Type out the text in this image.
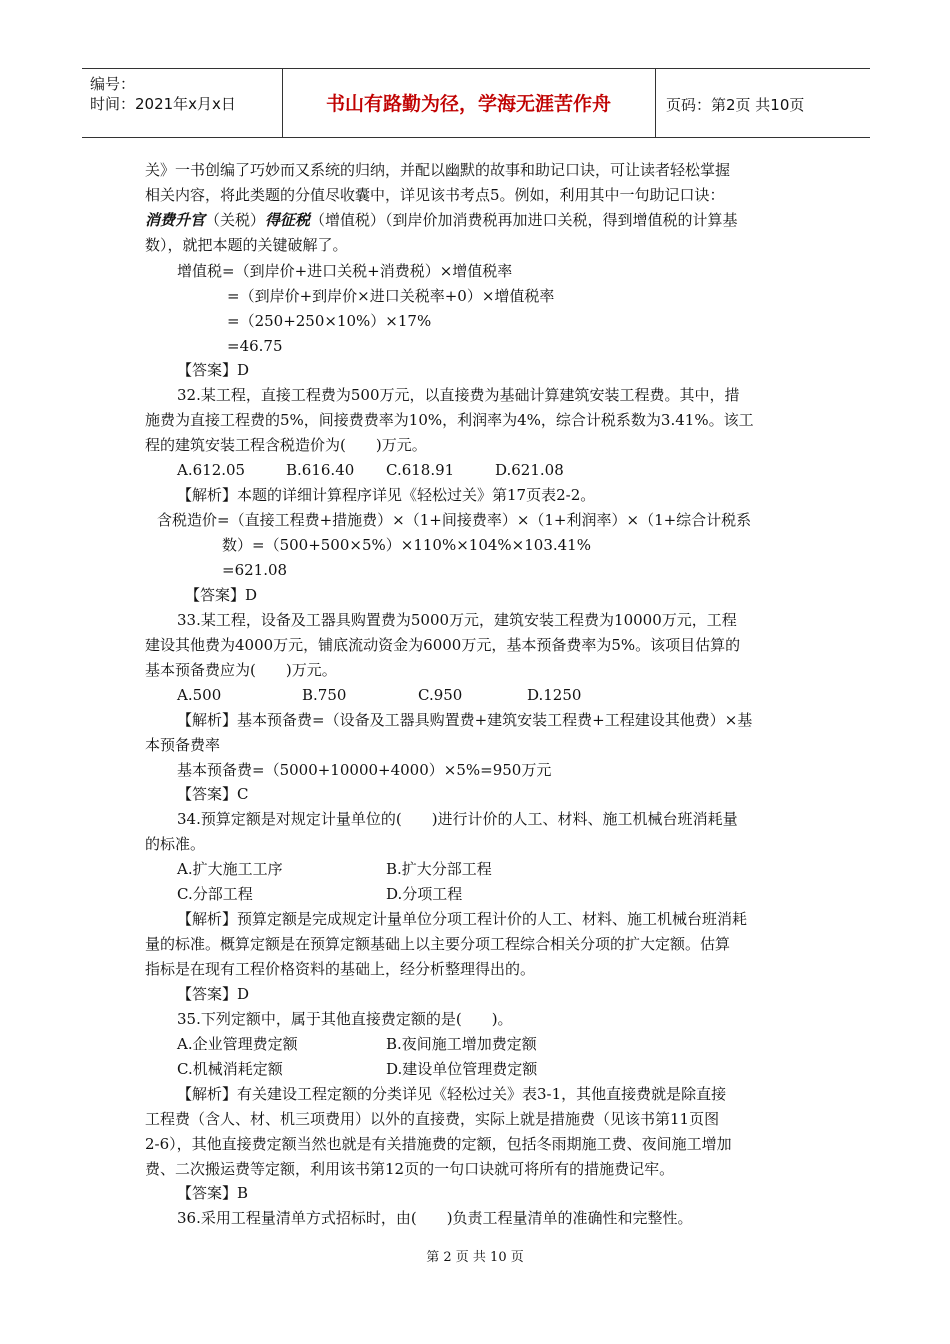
编号：
时间：2021年x月x日	书山有路勤为径，学海无涯苦作舟	页码：第2页 共10页
关》一书创编了巧妙而又系统的归纳，并配以幽默的故事和助记口诀，可让读者轻松掌握
相关内容，将此类题的分值尽收囊中，详见该书考点5。例如，利用其中一句助记口诀：
消费升官（关税）得征税（增值税）（到岸价加消费税再加进口关税，得到增值税的计算基
数），就把本题的关键破解了。
增值税=（到岸价+进口关税+消费税）×增值税率
=（到岸价+到岸价×进口关税率+0）×增值税率
=（250+250×10%）×17%
=46.75
【答案】D
32.某工程，直接工程费为500万元，以直接费为基础计算建筑安装工程费。其中，措
施费为直接工程费的5%，间接费费率为10%，利润率为4%，综合计税系数为3.41%。该工
程的建筑安装工程含税造价为(　　)万元。
A.612.05	B.616.40 C.618.91	D.621.08
【解析】本题的详细计算程序详见《轻松过关》第17页表2-2。
含税造价=（直接工程费+措施费）×（1+间接费率）×（1+利润率）×（1+综合计税系
数）=（500+500×5%）×110%×104%×103.41%
=621.08
【答案】D
33.某工程，设备及工器具购置费为5000万元，建筑安装工程费为10000万元，工程
建设其他费为4000万元，铺底流动资金为6000万元，基本预备费率为5%。该项目估算的
基本预备费应为(　　)万元。
A.500	B.750	C.950	D.1250
【解析】基本预备费=（设备及工器具购置费+建筑安装工程费+工程建设其他费）×基
本预备费率
基本预备费=（5000+10000+4000）×5%=950万元
【答案】C
34.预算定额是对规定计量单位的(　　)进行计价的人工、材料、施工机械台班消耗量
的标准。
A.扩大施工工序	B.扩大分部工程
C.分部工程	D.分项工程
【解析】预算定额是完成规定计量单位分项工程计价的人工、材料、施工机械台班消耗
量的标准。概算定额是在预算定额基础上以主要分项工程综合相关分项的扩大定额。估算
指标是在现有工程价格资料的基础上，经分析整理得出的。
【答案】D
35.下列定额中，属于其他直接费定额的是(　　)。
A.企业管理费定额	B.夜间施工增加费定额
C.机械消耗定额	D.建设单位管理费定额
【解析】有关建设工程定额的分类详见《轻松过关》表3-1，其他直接费就是除直接
工程费（含人、材、机三项费用）以外的直接费，实际上就是措施费（见该书第11页图
2-6），其他直接费定额当然也就是有关措施费的定额，包括冬雨期施工费、夜间施工增加
费、二次搬运费等定额，利用该书第12页的一句口诀就可将所有的措施费记牢。
【答案】B
36.采用工程量清单方式招标时，由(　　)负责工程量清单的准确性和完整性。
第 2 页 共 10 页
